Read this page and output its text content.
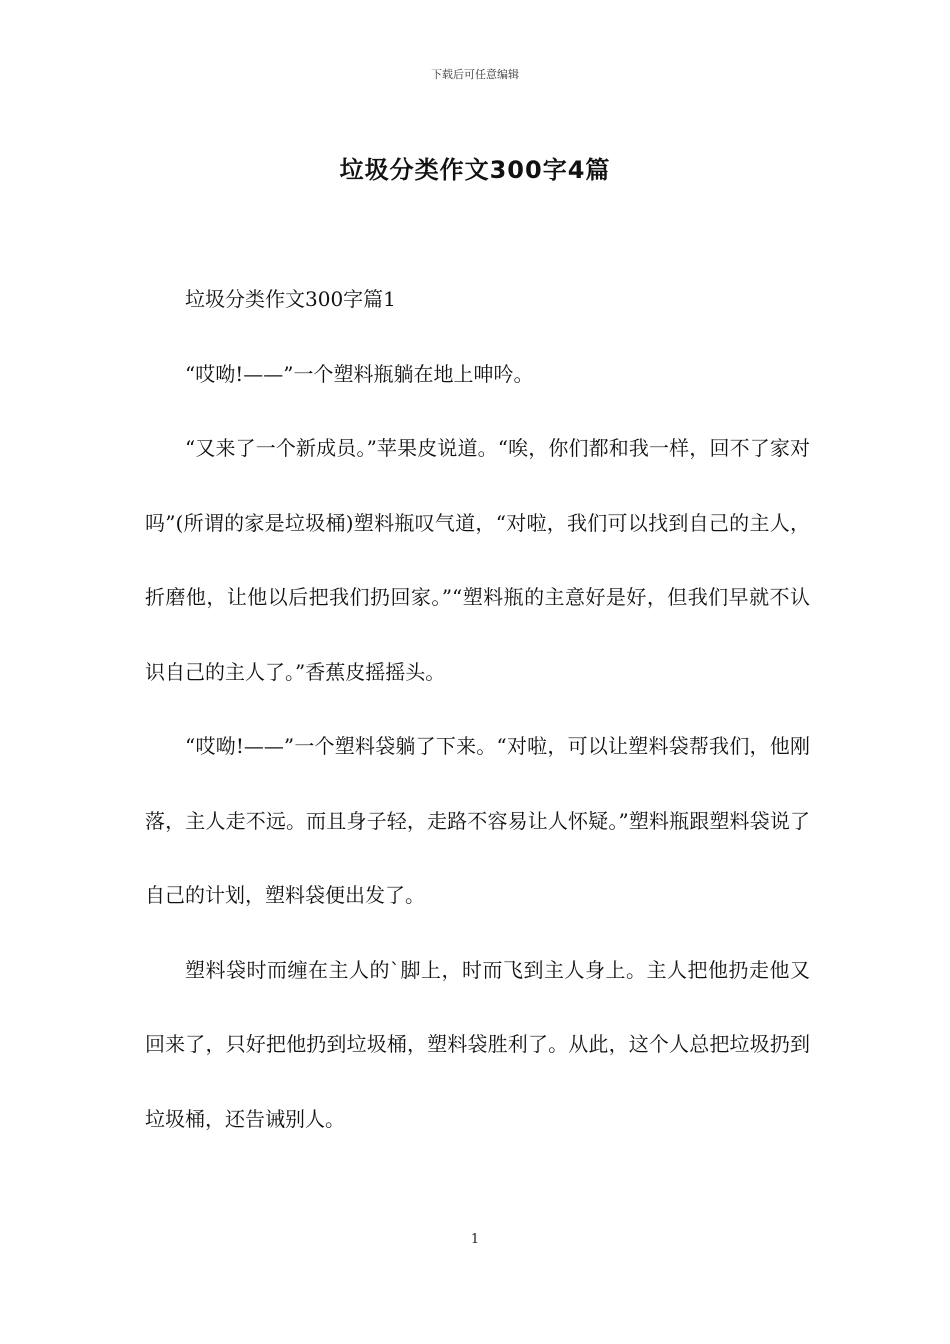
下载后可任意编辑
垃圾分类作文300字4篇

垃圾分类作文300字篇1

“哎呦!——”一个塑料瓶躺在地上呻吟。

“又来了一个新成员。”苹果皮说道。“唉，你们都和我一样，回不了家对吗”(所谓的家是垃圾桶)塑料瓶叹气道，“对啦，我们可以找到自己的主人，折磨他，让他以后把我们扔回家。”“塑料瓶的主意好是好，但我们早就不认识自己的主人了。”香蕉皮摇摇头。

“哎呦!——”一个塑料袋躺了下来。“对啦，可以让塑料袋帮我们，他刚落，主人走不远。而且身子轻，走路不容易让人怀疑。”塑料瓶跟塑料袋说了自己的计划，塑料袋便出发了。

塑料袋时而缠在主人的`脚上，时而飞到主人身上。主人把他扔走他又回来了，只好把他扔到垃圾桶，塑料袋胜利了。从此，这个人总把垃圾扔到垃圾桶，还告诫别人。

1
